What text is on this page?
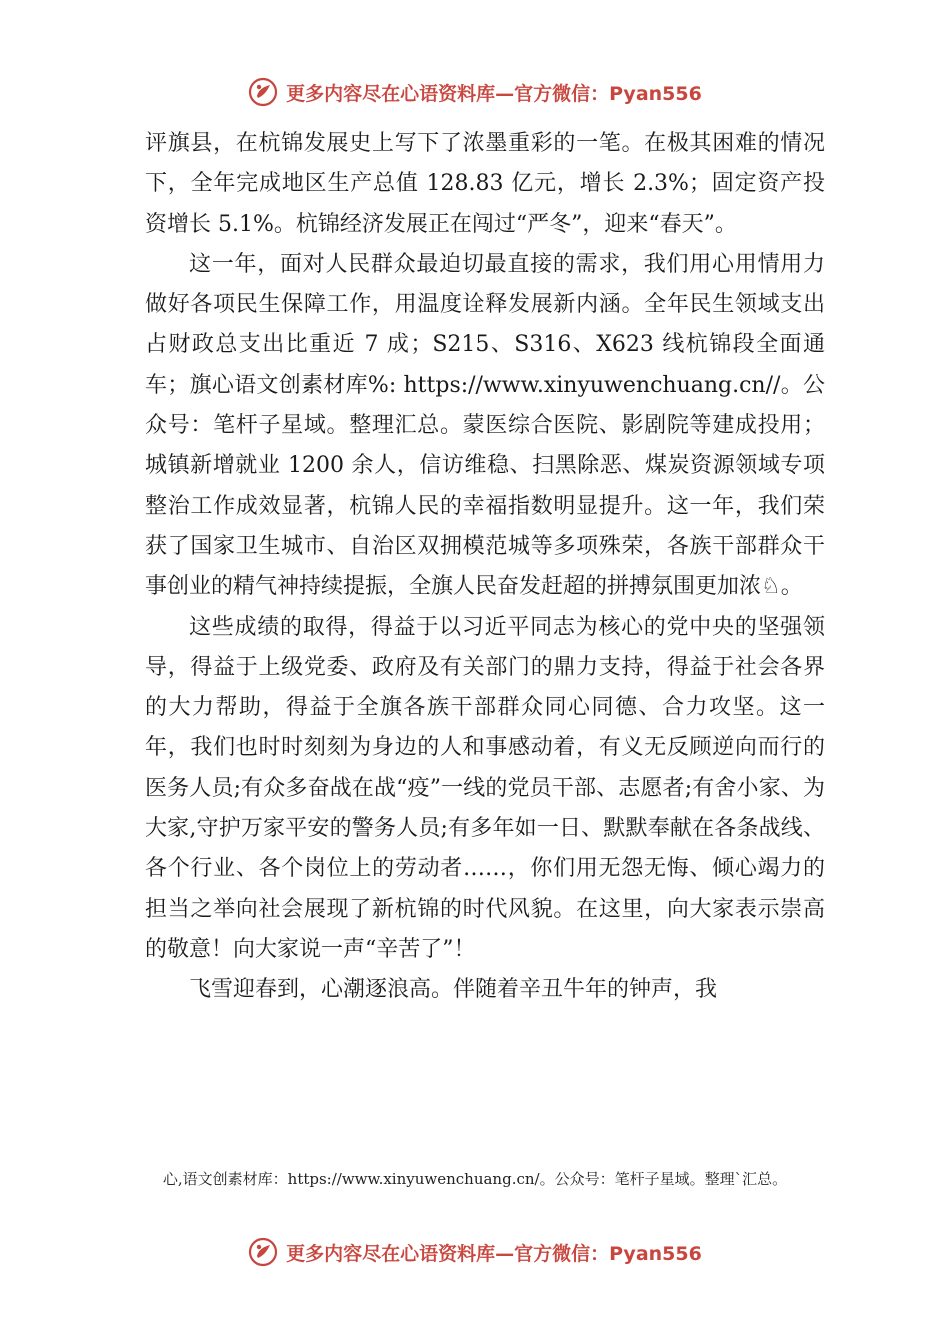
更多内容尽在心语资料库—官方微信：Pyan556

评旗县，在杭锦发展史上写下了浓墨重彩的一笔。在极其困难的情况下，全年完成地区生产总值 128.83 亿元，增长 2.3%；固定资产投资增长 5.1%。杭锦经济发展正在闯过“严冬”，迎来“春天”。

这一年，面对人民群众最迫切最直接的需求，我们用心用情用力做好各项民生保障工作，用温度诠释发展新内涵。全年民生领域支出占财政总支出比重近 7 成；S215、S316、X623 线杭锦段全面通车；旗心语文创素材库%: https://www.xinyuwenchuang.cn//。公众号：笔杆子星域。整理汇总。蒙医综合医院、影剧院等建成投用；城镇新增就业 1200 余人，信访维稳、扫黑除恶、煤炭资源领域专项整治工作成效显著，杭锦人民的幸福指数明显提升。这一年，我们荣获了国家卫生城市、自治区双拥模范城等多项殊荣，各族干部群众干事创业的精气神持续提振，全旗人民奋发赶超的拼搏氛围更加浓♘。

这些成绩的取得，得益于以习近平同志为核心的党中央的坚强领导，得益于上级党委、政府及有关部门的鼎力支持，得益于社会各界的大力帮助，得益于全旗各族干部群众同心同德、合力攻坚。这一年，我们也时时刻刻为身边的人和事感动着，有义无反顾逆向而行的医务人员;有众多奋战在战“疫”一线的党员干部、志愿者;有舍小家、为大家,守护万家平安的警务人员;有多年如一日、默默奉献在各条战线、各个行业、各个岗位上的劳动者……，你们用无怨无悔、倾心竭力的担当之举向社会展现了新杭锦的时代风貌。在这里，向大家表示崇高的敬意！向大家说一声“辛苦了”！

飞雪迎春到，心潮逐浪高。伴随着辛丑牛年的钟声，我

心,语文创素材库：https://www.xinyuwenchuang.cn/。公众号：笔杆子星域。整理`汇总。
更多内容尽在心语资料库—官方微信：Pyan556
